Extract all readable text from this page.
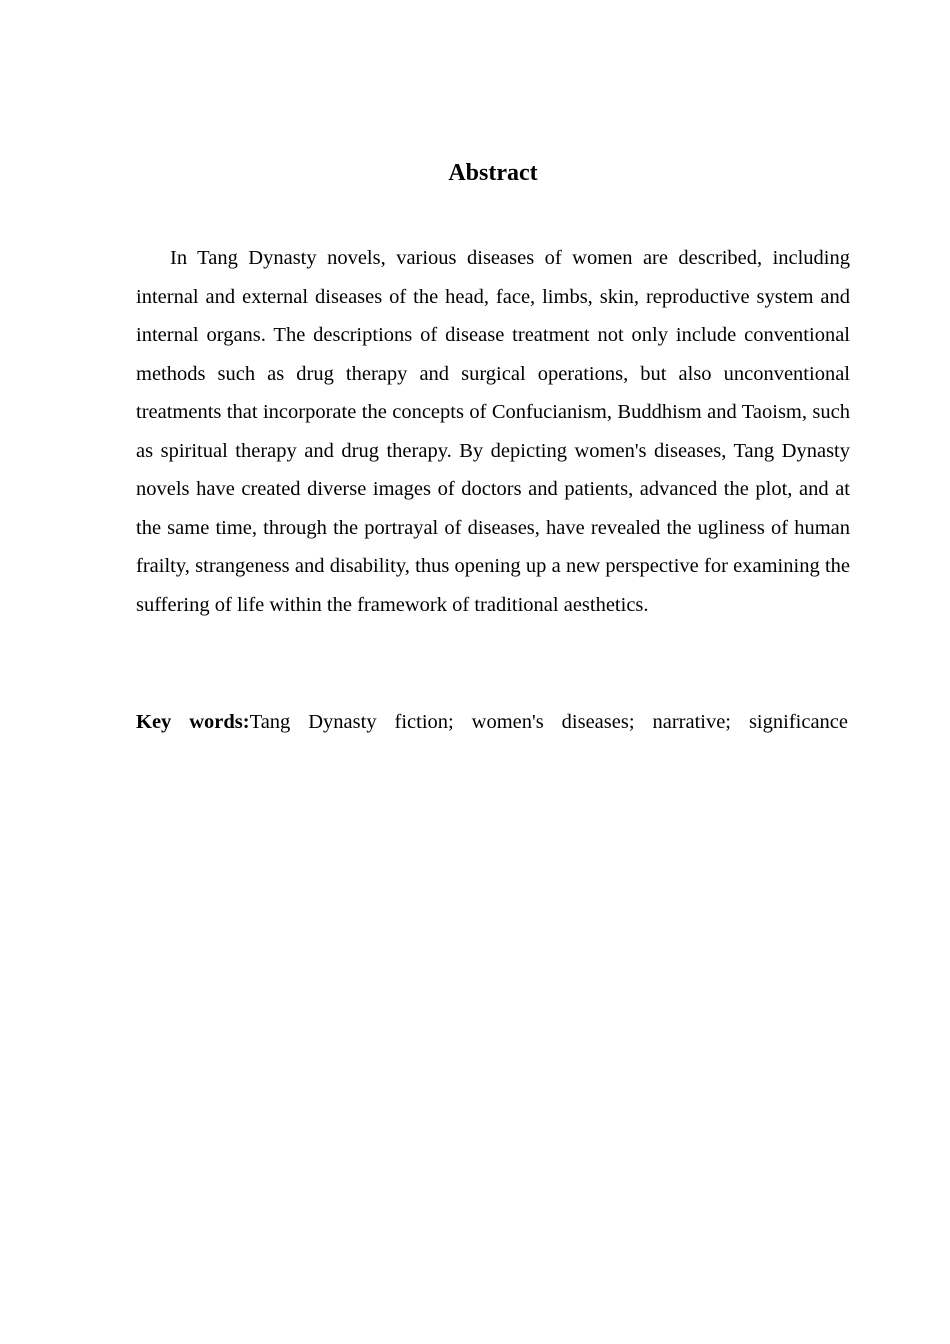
Abstract

In Tang Dynasty novels, various diseases of women are described, including internal and external diseases of the head, face, limbs, skin, reproductive system and internal organs. The descriptions of disease treatment not only include conventional methods such as drug therapy and surgical operations, but also unconventional treatments that incorporate the concepts of Confucianism, Buddhism and Taoism, such as spiritual therapy and drug therapy. By depicting women's diseases, Tang Dynasty novels have created diverse images of doctors and patients, advanced the plot, and at the same time, through the portrayal of diseases, have revealed the ugliness of human frailty, strangeness and disability, thus opening up a new perspective for examining the suffering of life within the framework of traditional aesthetics.

Key words:Tang Dynasty fiction; women's diseases; narrative; significance
